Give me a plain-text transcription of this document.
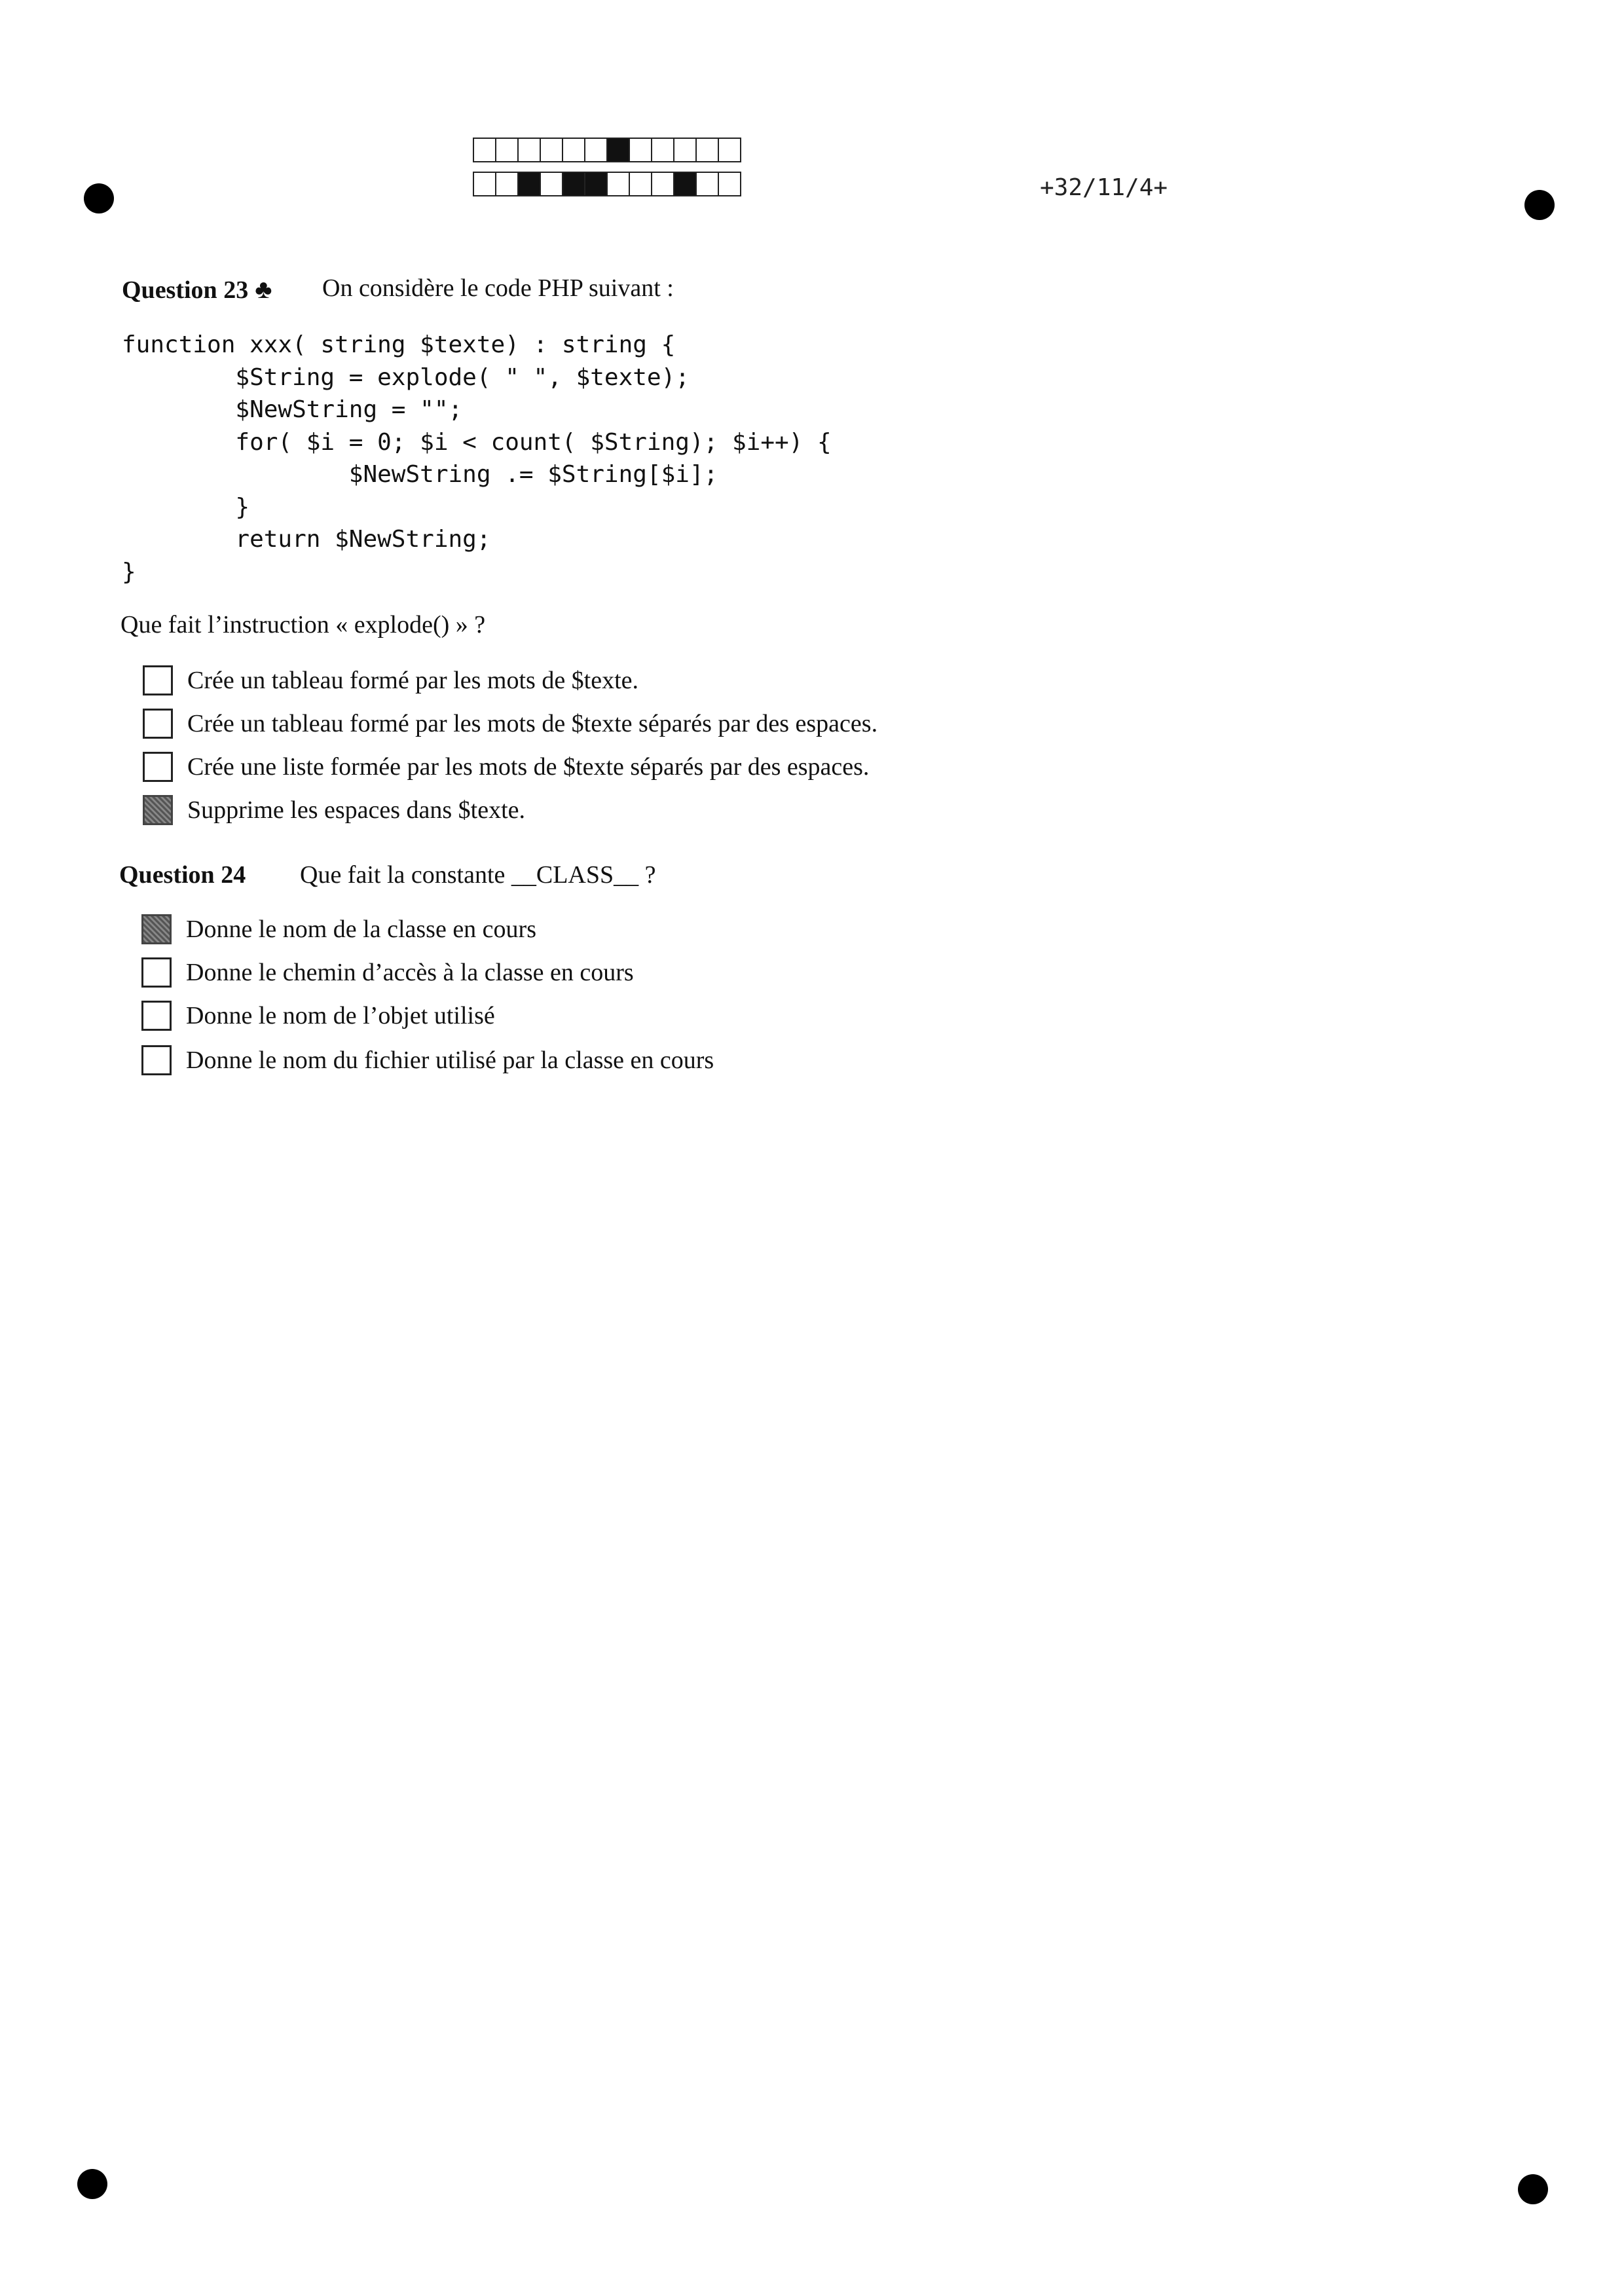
+32/11/4+
Question 23 ♣ On considère le code PHP suivant :
function xxx( string $texte) : string {
$String = explode( " ", $texte);
$NewString = "";
for( $i = 0; $i < count( $String); $i++) {
$NewString .= $String[$i];
}
return $NewString;
}
Que fait l’instruction « explode() » ?
Crée un tableau formé par les mots de $texte.
Crée un tableau formé par les mots de $texte séparés par des espaces.
Crée une liste formée par les mots de $texte séparés par des espaces.
Supprime les espaces dans $texte.
Question 24 Que fait la constante __CLASS__ ?
Donne le nom de la classe en cours
Donne le chemin d’accès à la classe en cours
Donne le nom de l’objet utilisé
Donne le nom du fichier utilisé par la classe en cours
